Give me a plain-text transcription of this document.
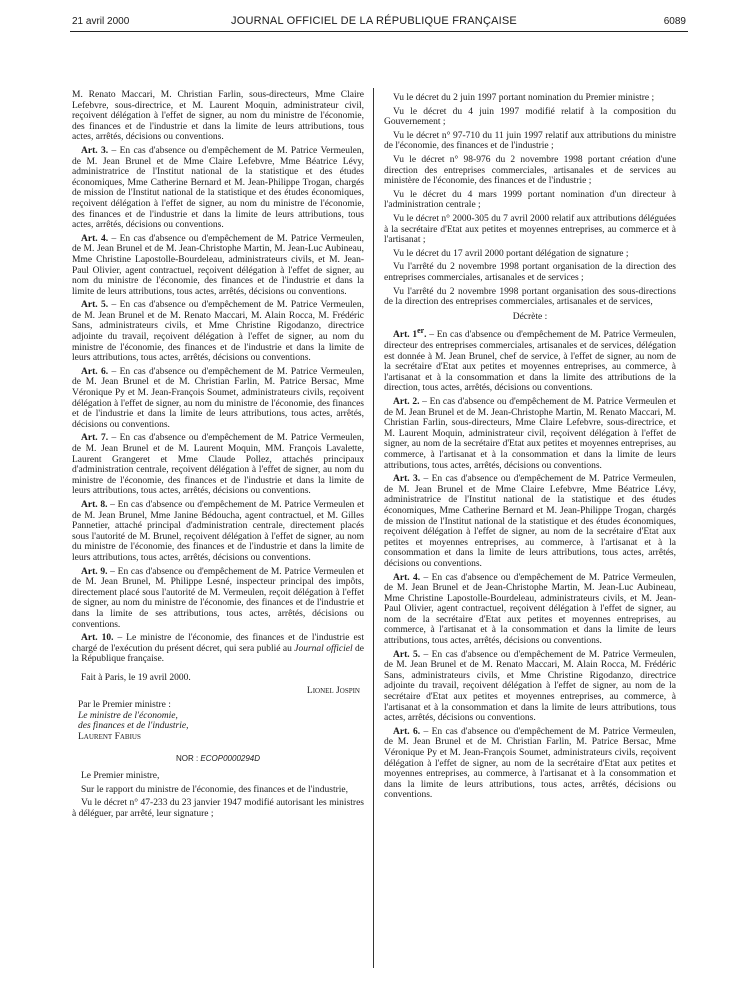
21 avril 2000	JOURNAL OFFICIEL DE LA RÉPUBLIQUE FRANÇAISE	6089

M. Renato Maccari, M. Christian Farlin, sous-directeurs, Mme Claire Lefebvre, sous-directrice, et M. Laurent Moquin, administrateur civil, reçoivent délégation à l'effet de signer, au nom du ministre de l'économie, des finances et de l'industrie et dans la limite de leurs attributions, tous actes, arrêtés, décisions ou conventions.

Art. 3. – En cas d'absence ou d'empêchement de M. Patrice Vermeulen, de M. Jean Brunel et de Mme Claire Lefebvre, Mme Béatrice Lévy, administratrice de l'Institut national de la statistique et des études économiques, Mme Catherine Bernard et M. Jean-Philippe Trogan, chargés de mission de l'Institut national de la statistique et des études économiques, reçoivent délégation à l'effet de signer, au nom du ministre de l'économie, des finances et de l'industrie et dans la limite de leurs attributions, tous actes, arrêtés, décisions ou conventions.

Art. 4. – En cas d'absence ou d'empêchement de M. Patrice Vermeulen, de M. Jean Brunel et de M. Jean-Christophe Martin, M. Jean-Luc Aubineau, Mme Christine Lapostolle-Bourdeleau, administrateurs civils, et M. Jean-Paul Olivier, agent contractuel, reçoivent délégation à l'effet de signer, au nom du ministre de l'économie, des finances et de l'industrie et dans la limite de leurs attributions, tous actes, arrêtés, décisions ou conventions.

Art. 5. – En cas d'absence ou d'empêchement de M. Patrice Vermeulen, de M. Jean Brunel et de M. Renato Maccari, M. Alain Rocca, M. Frédéric Sans, administrateurs civils, et Mme Christine Rigodanzo, directrice adjointe du travail, reçoivent délégation à l'effet de signer, au nom du ministre de l'économie, des finances et de l'industrie et dans la limite de leurs attributions, tous actes, arrêtés, décisions ou conventions.

Art. 6. – En cas d'absence ou d'empêchement de M. Patrice Vermeulen, de M. Jean Brunel et de M. Christian Farlin, M. Patrice Bersac, Mme Véronique Py et M. Jean-François Soumet, administrateurs civils, reçoivent délégation à l'effet de signer, au nom du ministre de l'économie, des finances et de l'industrie et dans la limite de leurs attributions, tous actes, arrêtés, décisions ou conventions.

Art. 7. – En cas d'absence ou d'empêchement de M. Patrice Vermeulen, de M. Jean Brunel et de M. Laurent Moquin, MM. François Lavalette, Laurent Grangeret et Mme Claude Pollez, attachés principaux d'administration centrale, reçoivent délégation à l'effet de signer, au nom du ministre de l'économie, des finances et de l'industrie et dans la limite de leurs attributions, tous actes, arrêtés, décisions ou conventions.

Art. 8. – En cas d'absence ou d'empêchement de M. Patrice Vermeulen et de M. Jean Brunel, Mme Janine Bédoucha, agent contractuel, et M. Gilles Pannetier, attaché principal d'administration centrale, directement placés sous l'autorité de M. Brunel, reçoivent délégation à l'effet de signer, au nom du ministre de l'économie, des finances et de l'industrie et dans la limite de leurs attributions, tous actes, arrêtés, décisions ou conventions.

Art. 9. – En cas d'absence ou d'empêchement de M. Patrice Vermeulen et de M. Jean Brunel, M. Philippe Lesné, inspecteur principal des impôts, directement placé sous l'autorité de M. Vermeulen, reçoit délégation à l'effet de signer, au nom du ministre de l'économie, des finances et de l'industrie et dans la limite de ses attributions, tous actes, arrêtés, décisions ou conventions.

Art. 10. – Le ministre de l'économie, des finances et de l'industrie est chargé de l'exécution du présent décret, qui sera publié au Journal officiel de la République française.

Fait à Paris, le 19 avril 2000.

Lionel Jospin

Par le Premier ministre :
Le ministre de l'économie,
des finances et de l'industrie,
Laurent Fabius
NOR : ECOP0000294D

Le Premier ministre,

Sur le rapport du ministre de l'économie, des finances et de l'industrie,

Vu le décret n° 47-233 du 23 janvier 1947 modifié autorisant les ministres à déléguer, par arrêté, leur signature ;

Vu le décret du 2 juin 1997 portant nomination du Premier ministre ;

Vu le décret du 4 juin 1997 modifié relatif à la composition du Gouvernement ;

Vu le décret n° 97-710 du 11 juin 1997 relatif aux attributions du ministre de l'économie, des finances et de l'industrie ;

Vu le décret n° 98-976 du 2 novembre 1998 portant création d'une direction des entreprises commerciales, artisanales et de services au ministère de l'économie, des finances et de l'industrie ;

Vu le décret du 4 mars 1999 portant nomination d'un directeur à l'administration centrale ;

Vu le décret n° 2000-305 du 7 avril 2000 relatif aux attributions déléguées à la secrétaire d'Etat aux petites et moyennes entreprises, au commerce et à l'artisanat ;

Vu le décret du 17 avril 2000 portant délégation de signature ;

Vu l'arrêté du 2 novembre 1998 portant organisation de la direction des entreprises commerciales, artisanales et de services ;

Vu l'arrêté du 2 novembre 1998 portant organisation des sous-directions de la direction des entreprises commerciales, artisanales et de services,

Décrète :

Art. 1er. – En cas d'absence ou d'empêchement de M. Patrice Vermeulen, directeur des entreprises commerciales, artisanales et de services, délégation est donnée à M. Jean Brunel, chef de service, à l'effet de signer, au nom de la secrétaire d'Etat aux petites et moyennes entreprises, au commerce, à l'artisanat et à la consommation et dans la limite des attributions de la direction, tous actes, arrêtés, décisions ou conventions.

Art. 2. – En cas d'absence ou d'empêchement de M. Patrice Vermeulen et de M. Jean Brunel et de M. Jean-Christophe Martin, M. Renato Maccari, M. Christian Farlin, sous-directeurs, Mme Claire Lefebvre, sous-directrice, et M. Laurent Moquin, administrateur civil, reçoivent délégation à l'effet de signer, au nom de la secrétaire d'Etat aux petites et moyennes entreprises, au commerce, à l'artisanat et à la consommation et dans la limite de leurs attributions, tous actes, arrêtés, décisions ou conventions.

Art. 3. – En cas d'absence ou d'empêchement de M. Patrice Vermeulen, de M. Jean Brunel et de Mme Claire Lefebvre, Mme Béatrice Lévy, administratrice de l'Institut national de la statistique et des études économiques, Mme Catherine Bernard et M. Jean-Philippe Trogan, chargés de mission de l'Institut national de la statistique et des études économiques, reçoivent délégation à l'effet de signer, au nom de la secrétaire d'Etat aux petites et moyennes entreprises, au commerce, à l'artisanat et à la consommation et dans la limite de leurs attributions, tous actes, arrêtés, décisions ou conventions.

Art. 4. – En cas d'absence ou d'empêchement de M. Patrice Vermeulen, de M. Jean Brunel et de Jean-Christophe Martin, M. Jean-Luc Aubineau, Mme Christine Lapostolle-Bourdeleau, administrateurs civils, et M. Jean-Paul Olivier, agent contractuel, reçoivent délégation à l'effet de signer, au nom de la secrétaire d'Etat aux petites et moyennes entreprises, au commerce, à l'artisanat et à la consommation et dans la limite de leurs attributions, tous actes, arrêtés, décisions ou conventions.

Art. 5. – En cas d'absence ou d'empêchement de M. Patrice Vermeulen, de M. Jean Brunel et de M. Renato Maccari, M. Alain Rocca, M. Frédéric Sans, administrateurs civils, et Mme Christine Rigodanzo, directrice adjointe du travail, reçoivent délégation à l'effet de signer, au nom de la secrétaire d'Etat aux petites et moyennes entreprises, au commerce, à l'artisanat et à la consommation et dans la limite de leurs attributions, tous actes, arrêtés, décisions ou conventions.

Art. 6. – En cas d'absence ou d'empêchement de M. Patrice Vermeulen, de M. Jean Brunel et de M. Christian Farlin, M. Patrice Bersac, Mme Véronique Py et M. Jean-François Soumet, administrateurs civils, reçoivent délégation à l'effet de signer, au nom de la secrétaire d'Etat aux petites et moyennes entreprises, au commerce, à l'artisanat et à la consommation et dans la limite de leurs attributions, tous actes, arrêtés, décisions ou conventions.
